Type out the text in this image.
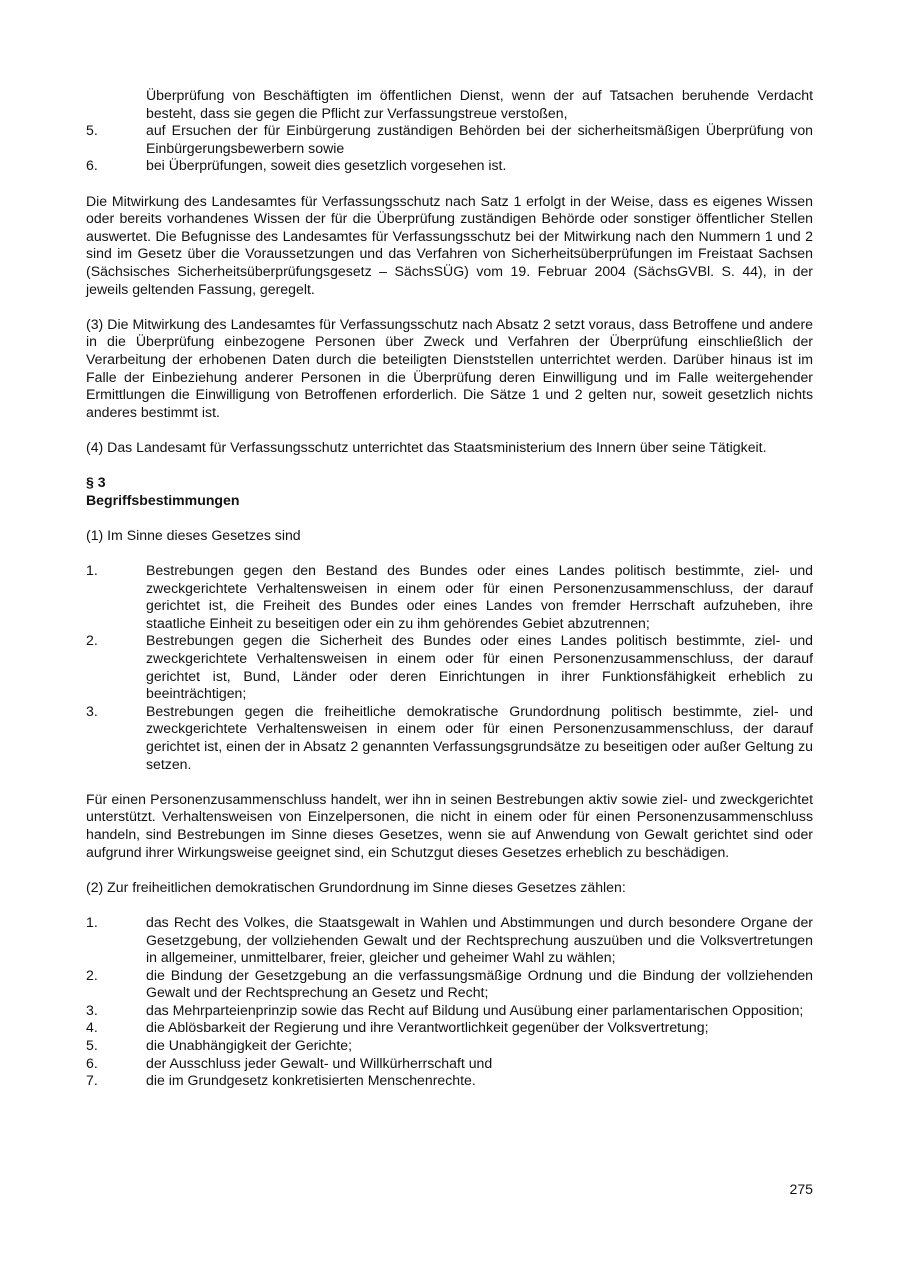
Überprüfung von Beschäftigten im öffentlichen Dienst, wenn der auf Tatsachen beruhende Verdacht besteht, dass sie gegen die Pflicht zur Verfassungstreue verstoßen,
5.	auf Ersuchen der für Einbürgerung zuständigen Behörden bei der sicherheitsmäßigen Überprüfung von Einbürgerungsbewerbern sowie
6.	bei Überprüfungen, soweit dies gesetzlich vorgesehen ist.

Die Mitwirkung des Landesamtes für Verfassungsschutz nach Satz 1 erfolgt in der Weise, dass es eigenes Wissen oder bereits vorhandenes Wissen der für die Überprüfung zuständigen Behörde oder sonstiger öffentlicher Stellen auswertet. Die Befugnisse des Landesamtes für Verfassungsschutz bei der Mitwirkung nach den Nummern 1 und 2 sind im Gesetz über die Voraussetzungen und das Verfahren von Sicherheitsüberprüfungen im Freistaat Sachsen (Sächsisches Sicherheitsüberprüfungsgesetz – SächsSÜG) vom 19. Februar 2004 (SächsGVBl. S. 44), in der jeweils geltenden Fassung, geregelt.

(3) Die Mitwirkung des Landesamtes für Verfassungsschutz nach Absatz 2 setzt voraus, dass Betroffene und andere in die Überprüfung einbezogene Personen über Zweck und Verfahren der Überprüfung einschließlich der Verarbeitung der erhobenen Daten durch die beteiligten Dienststellen unterrichtet werden. Darüber hinaus ist im Falle der Einbeziehung anderer Personen in die Überprüfung deren Einwilligung und im Falle weitergehender Ermittlungen die Einwilligung von Betroffenen erforderlich. Die Sätze 1 und 2 gelten nur, soweit gesetzlich nichts anderes bestimmt ist.

(4) Das Landesamt für Verfassungsschutz unterrichtet das Staatsministerium des Innern über seine Tätigkeit.

§ 3
Begriffsbestimmungen

(1) Im Sinne dieses Gesetzes sind

1.	Bestrebungen gegen den Bestand des Bundes oder eines Landes politisch bestimmte, ziel- und zweckgerichtete Verhaltensweisen in einem oder für einen Personenzusammenschluss, der darauf gerichtet ist, die Freiheit des Bundes oder eines Landes von fremder Herrschaft aufzuheben, ihre staatliche Einheit zu beseitigen oder ein zu ihm gehörendes Gebiet abzutrennen;
2.	Bestrebungen gegen die Sicherheit des Bundes oder eines Landes politisch bestimmte, ziel- und zweckgerichtete Verhaltensweisen in einem oder für einen Personenzusammenschluss, der darauf gerichtet ist, Bund, Länder oder deren Einrichtungen in ihrer Funktionsfähigkeit erheblich zu beeinträchtigen;
3.	Bestrebungen gegen die freiheitliche demokratische Grundordnung politisch bestimmte, ziel- und zweckgerichtete Verhaltensweisen in einem oder für einen Personenzusammenschluss, der darauf gerichtet ist, einen der in Absatz 2 genannten Verfassungsgrundsätze zu beseitigen oder außer Geltung zu setzen.

Für einen Personenzusammenschluss handelt, wer ihn in seinen Bestrebungen aktiv sowie ziel- und zweckgerichtet unterstützt. Verhaltensweisen von Einzelpersonen, die nicht in einem oder für einen Personenzusammenschluss handeln, sind Bestrebungen im Sinne dieses Gesetzes, wenn sie auf Anwendung von Gewalt gerichtet sind oder aufgrund ihrer Wirkungsweise geeignet sind, ein Schutzgut dieses Gesetzes erheblich zu beschädigen.

(2) Zur freiheitlichen demokratischen Grundordnung im Sinne dieses Gesetzes zählen:

1.	das Recht des Volkes, die Staatsgewalt in Wahlen und Abstimmungen und durch besondere Organe der Gesetzgebung, der vollziehenden Gewalt und der Rechtsprechung auszuüben und die Volksvertretungen in allgemeiner, unmittelbarer, freier, gleicher und geheimer Wahl zu wählen;
2.	die Bindung der Gesetzgebung an die verfassungsmäßige Ordnung und die Bindung der vollziehenden Gewalt und der Rechtsprechung an Gesetz und Recht;
3.	das Mehrparteienprinzip sowie das Recht auf Bildung und Ausübung einer parlamentarischen Opposition;
4.	die Ablösbarkeit der Regierung und ihre Verantwortlichkeit gegenüber der Volksvertretung;
5.	die Unabhängigkeit der Gerichte;
6.	der Ausschluss jeder Gewalt- und Willkürherrschaft und
7.	die im Grundgesetz konkretisierten Menschenrechte.
275
